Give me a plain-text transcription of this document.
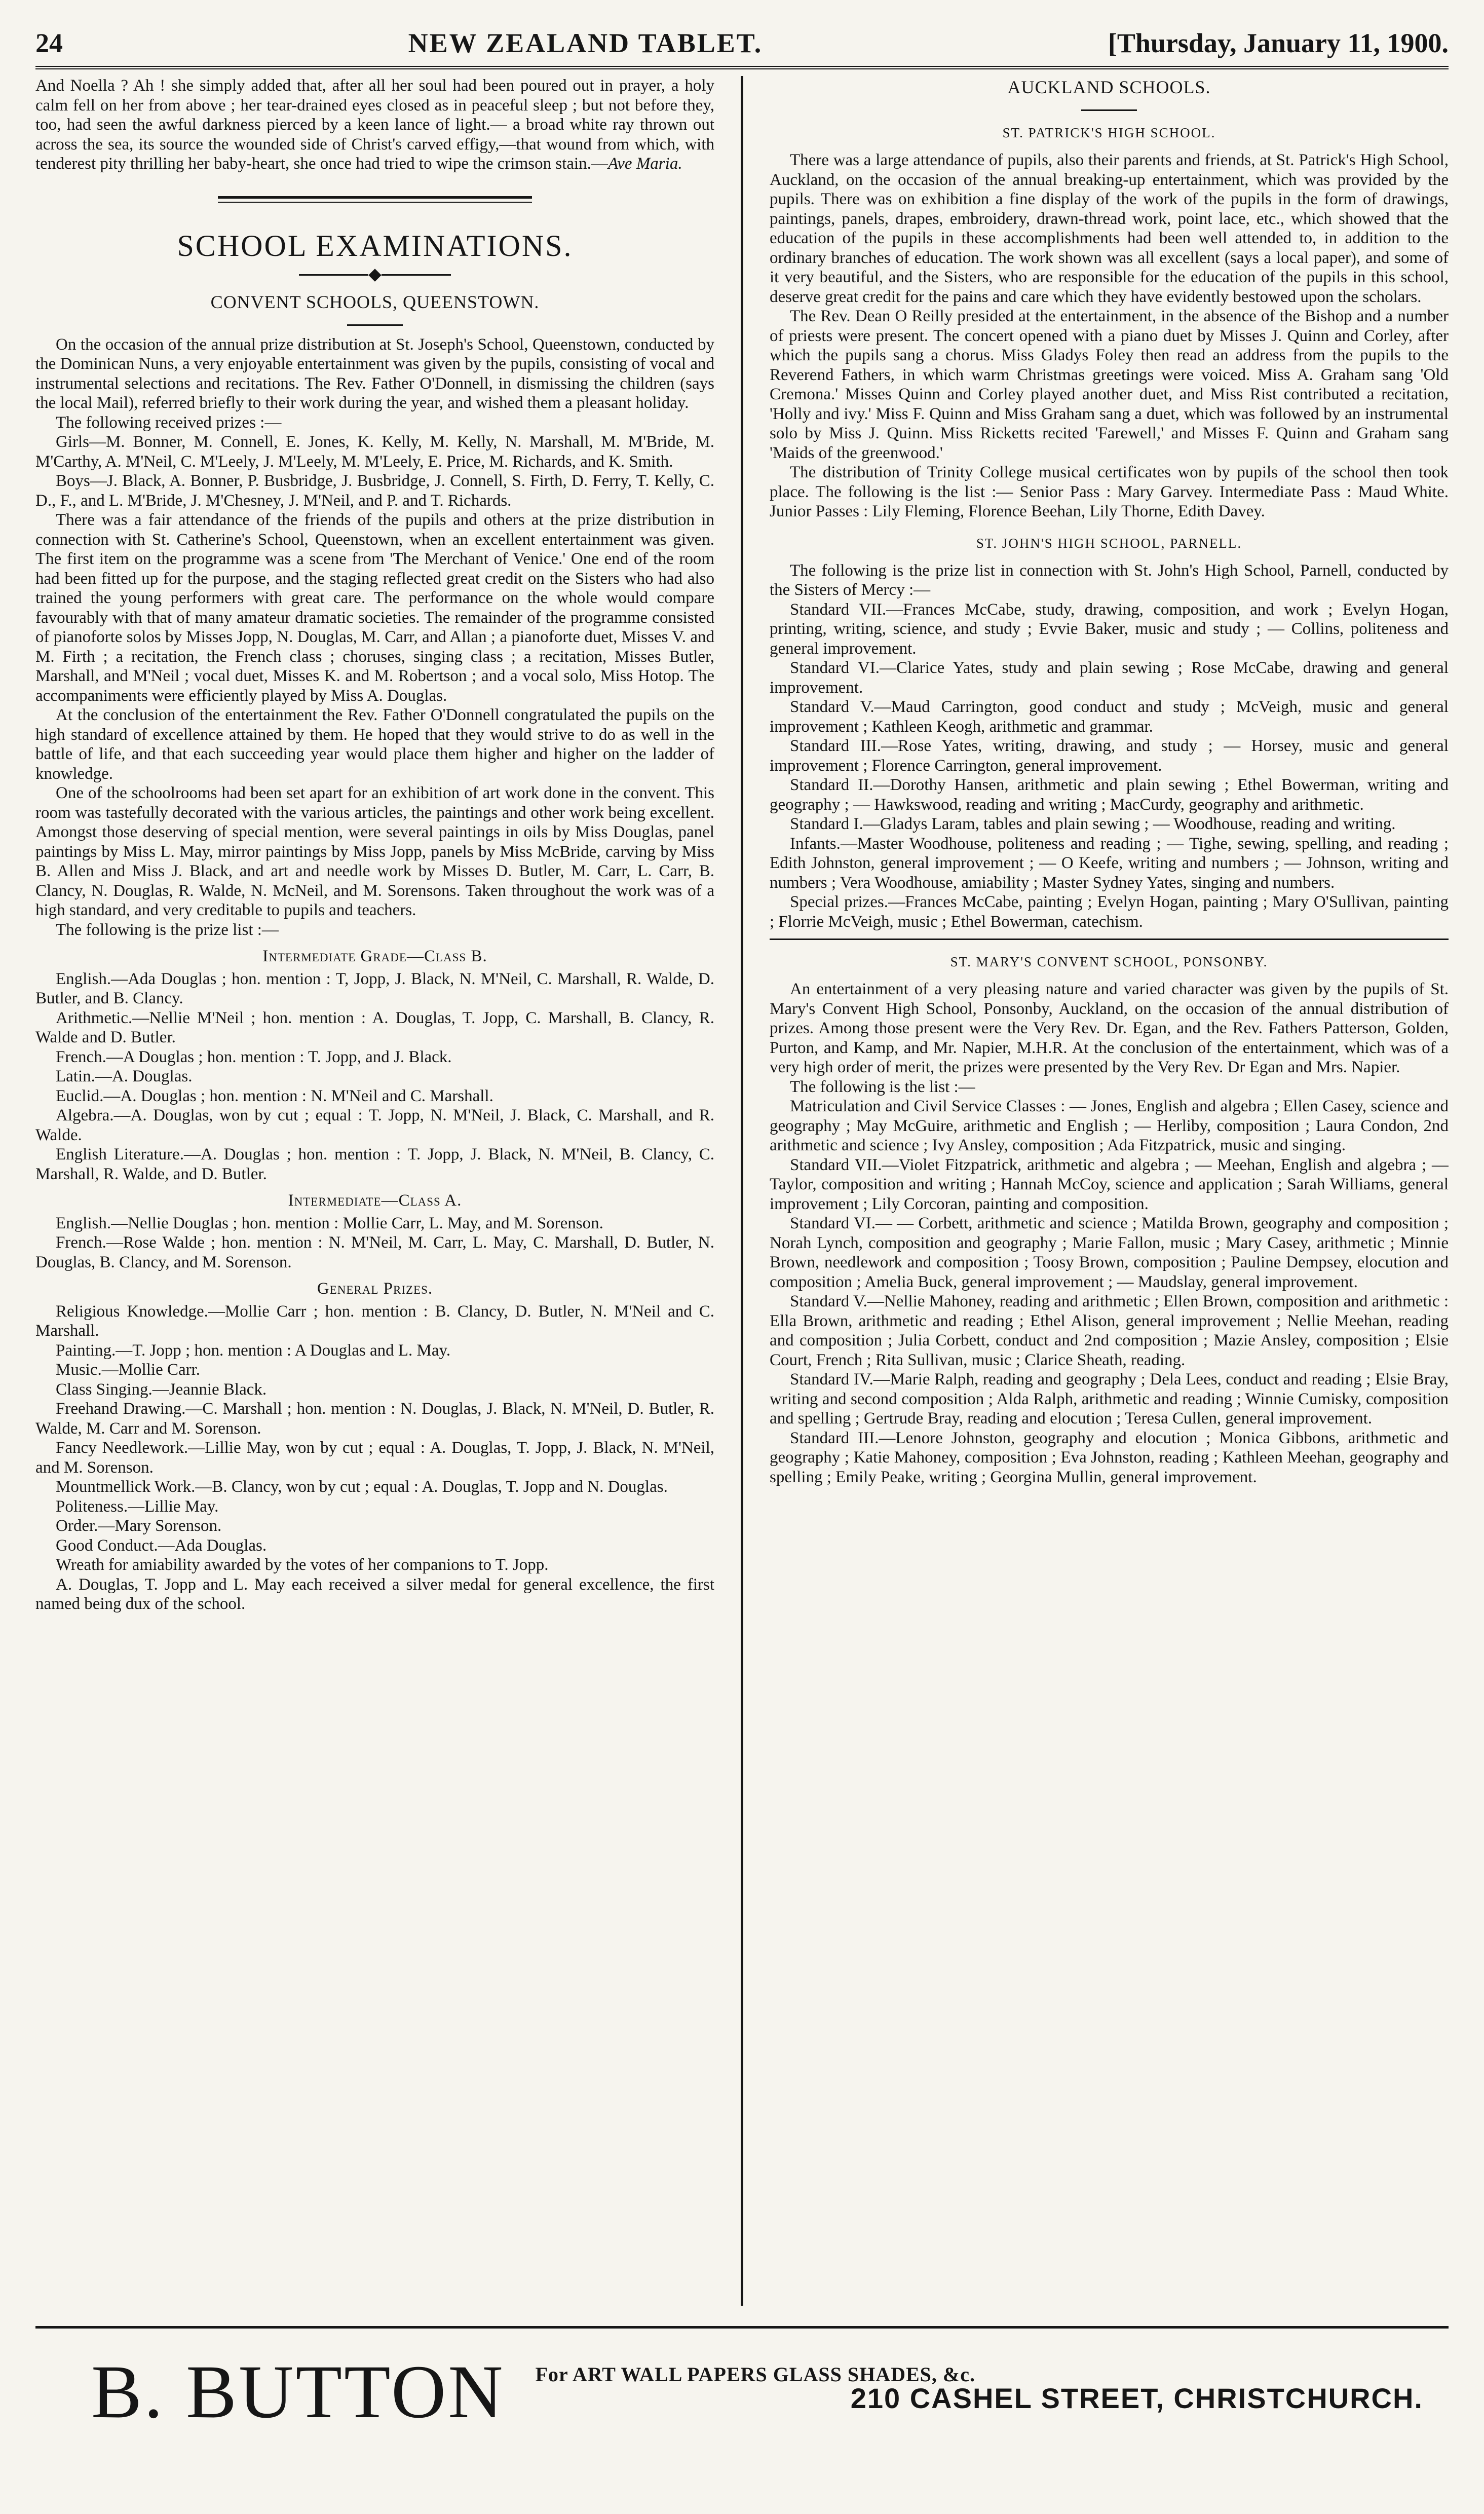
24	NEW ZEALAND TABLET.	[Thursday, January 11, 1900.

And Noella ? Ah ! she simply added that, after all her soul had been poured out in prayer, a holy calm fell on her from above ; her tear-drained eyes closed as in peaceful sleep ; but not before they, too, had seen the awful darkness pierced by a keen lance of light.— a broad white ray thrown out across the sea, its source the wounded side of Christ's carved effigy,—that wound from which, with tenderest pity thrilling her baby-heart, she once had tried to wipe the crimson stain.—Ave Maria.

SCHOOL EXAMINATIONS.
CONVENT SCHOOLS, QUEENSTOWN.

On the occasion of the annual prize distribution at St. Joseph's School, Queenstown, conducted by the Dominican Nuns, a very enjoyable entertainment was given by the pupils, consisting of vocal and instrumental selections and recitations. The Rev. Father O'Donnell, in dismissing the children (says the local Mail), referred briefly to their work during the year, and wished them a pleasant holiday.

The following received prizes :—

Girls—M. Bonner, M. Connell, E. Jones, K. Kelly, M. Kelly, N. Marshall, M. M'Bride, M. M'Carthy, A. M'Neil, C. M'Leely, J. M'Leely, M. M'Leely, E. Price, M. Richards, and K. Smith.

Boys—J. Black, A. Bonner, P. Busbridge, J. Busbridge, J. Connell, S. Firth, D. Ferry, T. Kelly, C. D., F., and L. M'Bride, J. M'Chesney, J. M'Neil, and P. and T. Richards.

There was a fair attendance of the friends of the pupils and others at the prize distribution in connection with St. Catherine's School, Queenstown, when an excellent entertainment was given. The first item on the programme was a scene from 'The Merchant of Venice.' One end of the room had been fitted up for the purpose, and the staging reflected great credit on the Sisters who had also trained the young performers with great care. The performance on the whole would compare favourably with that of many amateur dramatic societies. The remainder of the programme consisted of pianoforte solos by Misses Jopp, N. Douglas, M. Carr, and Allan ; a pianoforte duet, Misses V. and M. Firth ; a recitation, the French class ; choruses, singing class ; a recitation, Misses Butler, Marshall, and M'Neil ; vocal duet, Misses K. and M. Robertson ; and a vocal solo, Miss Hotop. The accompaniments were efficiently played by Miss A. Douglas.

At the conclusion of the entertainment the Rev. Father O'Donnell congratulated the pupils on the high standard of excellence attained by them. He hoped that they would strive to do as well in the battle of life, and that each succeeding year would place them higher and higher on the ladder of knowledge.

One of the schoolrooms had been set apart for an exhibition of art work done in the convent. This room was tastefully decorated with the various articles, the paintings and other work being excellent. Amongst those deserving of special mention, were several paintings in oils by Miss Douglas, panel paintings by Miss L. May, mirror paintings by Miss Jopp, panels by Miss McBride, carving by Miss B. Allen and Miss J. Black, and art and needle work by Misses D. Butler, M. Carr, L. Carr, B. Clancy, N. Douglas, R. Walde, N. McNeil, and M. Sorensons. Taken throughout the work was of a high standard, and very creditable to pupils and teachers.

The following is the prize list :—

Intermediate Grade—Class B.

English.—Ada Douglas ; hon. mention : T, Jopp, J. Black, N. M'Neil, C. Marshall, R. Walde, D. Butler, and B. Clancy.

Arithmetic.—Nellie M'Neil ; hon. mention : A. Douglas, T. Jopp, C. Marshall, B. Clancy, R. Walde and D. Butler.

French.—A Douglas ; hon. mention : T. Jopp, and J. Black.

Latin.—A. Douglas.

Euclid.—A. Douglas ; hon. mention : N. M'Neil and C. Marshall.

Algebra.—A. Douglas, won by cut ; equal : T. Jopp, N. M'Neil, J. Black, C. Marshall, and R. Walde.

English Literature.—A. Douglas ; hon. mention : T. Jopp, J. Black, N. M'Neil, B. Clancy, C. Marshall, R. Walde, and D. Butler.

Intermediate—Class A.

English.—Nellie Douglas ; hon. mention : Mollie Carr, L. May, and M. Sorenson.

French.—Rose Walde ; hon. mention : N. M'Neil, M. Carr, L. May, C. Marshall, D. Butler, N. Douglas, B. Clancy, and M. Sorenson.

General Prizes.

Religious Knowledge.—Mollie Carr ; hon. mention : B. Clancy, D. Butler, N. M'Neil and C. Marshall.

Painting.—T. Jopp ; hon. mention : A Douglas and L. May.

Music.—Mollie Carr.

Class Singing.—Jeannie Black.

Freehand Drawing.—C. Marshall ; hon. mention : N. Douglas, J. Black, N. M'Neil, D. Butler, R. Walde, M. Carr and M. Sorenson.

Fancy Needlework.—Lillie May, won by cut ; equal : A. Douglas, T. Jopp, J. Black, N. M'Neil, and M. Sorenson.

Mountmellick Work.—B. Clancy, won by cut ; equal : A. Douglas, T. Jopp and N. Douglas.

Politeness.—Lillie May.

Order.—Mary Sorenson.

Good Conduct.—Ada Douglas.

Wreath for amiability awarded by the votes of her companions to T. Jopp.

A. Douglas, T. Jopp and L. May each received a silver medal for general excellence, the first named being dux of the school.

AUCKLAND SCHOOLS.
ST. PATRICK'S HIGH SCHOOL.

There was a large attendance of pupils, also their parents and friends, at St. Patrick's High School, Auckland, on the occasion of the annual breaking-up entertainment, which was provided by the pupils. There was on exhibition a fine display of the work of the pupils in the form of drawings, paintings, panels, drapes, embroidery, drawn-thread work, point lace, etc., which showed that the education of the pupils in these accomplishments had been well attended to, in addition to the ordinary branches of education. The work shown was all excellent (says a local paper), and some of it very beautiful, and the Sisters, who are responsible for the education of the pupils in this school, deserve great credit for the pains and care which they have evidently bestowed upon the scholars.

The Rev. Dean O Reilly presided at the entertainment, in the absence of the Bishop and a number of priests were present. The concert opened with a piano duet by Misses J. Quinn and Corley, after which the pupils sang a chorus. Miss Gladys Foley then read an address from the pupils to the Reverend Fathers, in which warm Christmas greetings were voiced. Miss A. Graham sang 'Old Cremona.' Misses Quinn and Corley played another duet, and Miss Rist contributed a recitation, 'Holly and ivy.' Miss F. Quinn and Miss Graham sang a duet, which was followed by an instrumental solo by Miss J. Quinn. Miss Ricketts recited 'Farewell,' and Misses F. Quinn and Graham sang 'Maids of the greenwood.'

The distribution of Trinity College musical certificates won by pupils of the school then took place. The following is the list :— Senior Pass : Mary Garvey. Intermediate Pass : Maud White. Junior Passes : Lily Fleming, Florence Beehan, Lily Thorne, Edith Davey.

ST. JOHN'S HIGH SCHOOL, PARNELL.

The following is the prize list in connection with St. John's High School, Parnell, conducted by the Sisters of Mercy :—

Standard VII.—Frances McCabe, study, drawing, composition, and work ; Evelyn Hogan, printing, writing, science, and study ; Evvie Baker, music and study ; — Collins, politeness and general improvement.

Standard VI.—Clarice Yates, study and plain sewing ; Rose McCabe, drawing and general improvement.

Standard V.—Maud Carrington, good conduct and study ; McVeigh, music and general improvement ; Kathleen Keogh, arithmetic and grammar.

Standard III.—Rose Yates, writing, drawing, and study ; — Horsey, music and general improvement ; Florence Carrington, general improvement.

Standard II.—Dorothy Hansen, arithmetic and plain sewing ; Ethel Bowerman, writing and geography ; — Hawkswood, reading and writing ; MacCurdy, geography and arithmetic.

Standard I.—Gladys Laram, tables and plain sewing ; — Woodhouse, reading and writing.

Infants.—Master Woodhouse, politeness and reading ; — Tighe, sewing, spelling, and reading ; Edith Johnston, general improvement ; — O Keefe, writing and numbers ; — Johnson, writing and numbers ; Vera Woodhouse, amiability ; Master Sydney Yates, singing and numbers.

Special prizes.—Frances McCabe, painting ; Evelyn Hogan, painting ; Mary O'Sullivan, painting ; Florrie McVeigh, music ; Ethel Bowerman, catechism.

ST. MARY'S CONVENT SCHOOL, PONSONBY.

An entertainment of a very pleasing nature and varied character was given by the pupils of St. Mary's Convent High School, Ponsonby, Auckland, on the occasion of the annual distribution of prizes. Among those present were the Very Rev. Dr. Egan, and the Rev. Fathers Patterson, Golden, Purton, and Kamp, and Mr. Napier, M.H.R. At the conclusion of the entertainment, which was of a very high order of merit, the prizes were presented by the Very Rev. Dr Egan and Mrs. Napier.

The following is the list :—

Matriculation and Civil Service Classes : — Jones, English and algebra ; Ellen Casey, science and geography ; May McGuire, arithmetic and English ; — Herliby, composition ; Laura Condon, 2nd arithmetic and science ; Ivy Ansley, composition ; Ada Fitzpatrick, music and singing.

Standard VII.—Violet Fitzpatrick, arithmetic and algebra ; — Meehan, English and algebra ; — Taylor, composition and writing ; Hannah McCoy, science and application ; Sarah Williams, general improvement ; Lily Corcoran, painting and composition.

Standard VI.— — Corbett, arithmetic and science ; Matilda Brown, geography and composition ; Norah Lynch, composition and geography ; Marie Fallon, music ; Mary Casey, arithmetic ; Minnie Brown, needlework and composition ; Toosy Brown, composition ; Pauline Dempsey, elocution and composition ; Amelia Buck, general improvement ; — Maudslay, general improvement.

Standard V.—Nellie Mahoney, reading and arithmetic ; Ellen Brown, composition and arithmetic : Ella Brown, arithmetic and reading ; Ethel Alison, general improvement ; Nellie Meehan, reading and composition ; Julia Corbett, conduct and 2nd composition ; Mazie Ansley, composition ; Elsie Court, French ; Rita Sullivan, music ; Clarice Sheath, reading.

Standard IV.—Marie Ralph, reading and geography ; Dela Lees, conduct and reading ; Elsie Bray, writing and second composition ; Alda Ralph, arithmetic and reading ; Winnie Cumisky, composition and spelling ; Gertrude Bray, reading and elocution ; Teresa Cullen, general improvement.

Standard III.—Lenore Johnston, geography and elocution ; Monica Gibbons, arithmetic and geography ; Katie Mahoney, composition ; Eva Johnston, reading ; Kathleen Meehan, geography and spelling ; Emily Peake, writing ; Georgina Mullin, general improvement.

B. BUTTON For ART WALL PAPERS GLASS SHADES, &c.
210 CASHEL STREET, CHRISTCHURCH.
